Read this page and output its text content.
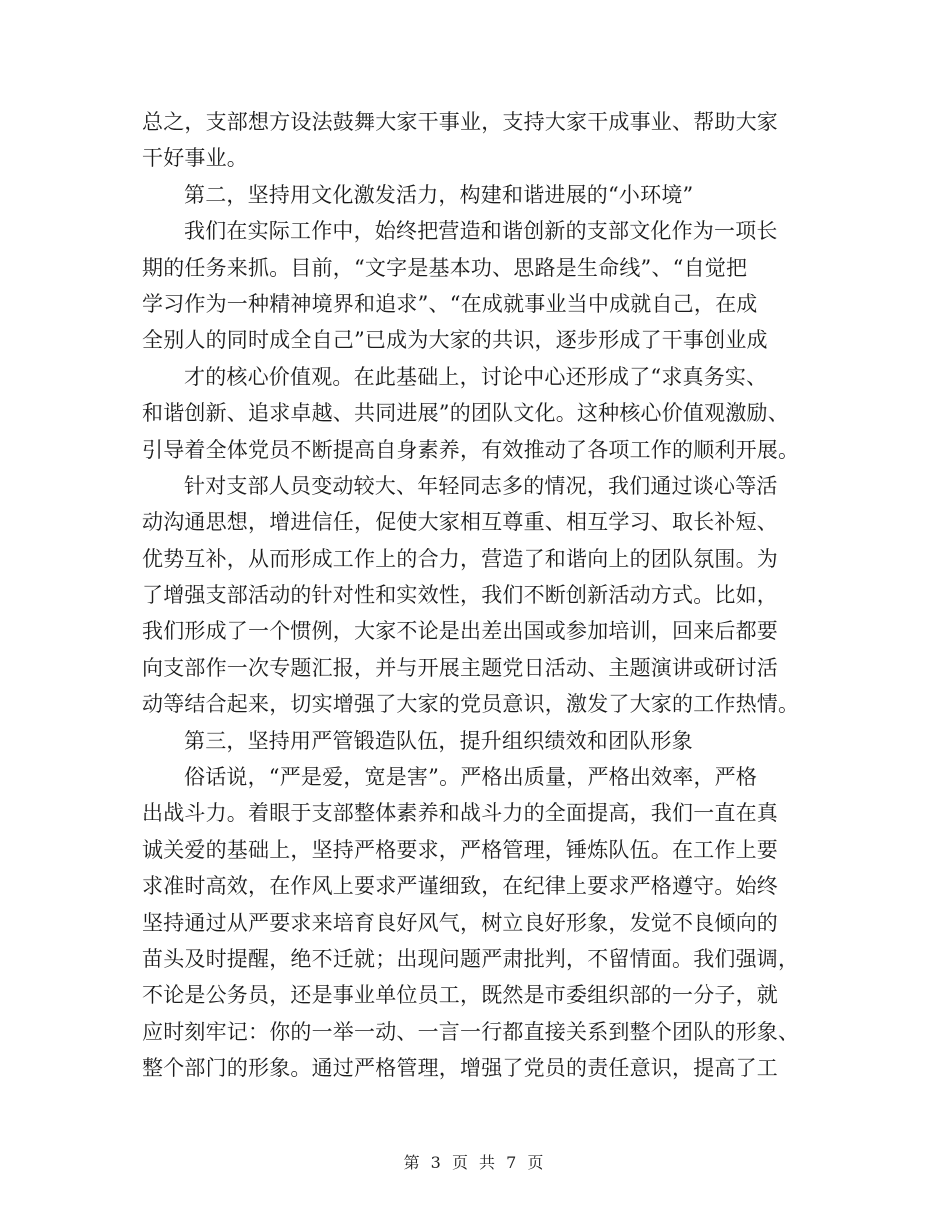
总之，支部想方设法鼓舞大家干事业，支持大家干成事业、帮助大家
干好事业。
第二，坚持用文化激发活力，构建和谐进展的“小环境”
我们在实际工作中，始终把营造和谐创新的支部文化作为一项长
期的任务来抓。目前，“文字是基本功、思路是生命线”、“自觉把
学习作为一种精神境界和追求”、“在成就事业当中成就自己，在成
全别人的同时成全自己”已成为大家的共识，逐步形成了干事创业成
才的核心价值观。在此基础上，讨论中心还形成了“求真务实、
和谐创新、追求卓越、共同进展”的团队文化。这种核心价值观激励、
引导着全体党员不断提高自身素养，有效推动了各项工作的顺利开展。
针对支部人员变动较大、年轻同志多的情况，我们通过谈心等活
动沟通思想，增进信任，促使大家相互尊重、相互学习、取长补短、
优势互补，从而形成工作上的合力，营造了和谐向上的团队氛围。为
了增强支部活动的针对性和实效性，我们不断创新活动方式。比如，
我们形成了一个惯例，大家不论是出差出国或参加培训，回来后都要
向支部作一次专题汇报，并与开展主题党日活动、主题演讲或研讨活
动等结合起来，切实增强了大家的党员意识，激发了大家的工作热情。
第三，坚持用严管锻造队伍，提升组织绩效和团队形象
俗话说，“严是爱，宽是害”。严格出质量，严格出效率，严格
出战斗力。着眼于支部整体素养和战斗力的全面提高，我们一直在真
诚关爱的基础上，坚持严格要求，严格管理，锤炼队伍。在工作上要
求准时高效，在作风上要求严谨细致，在纪律上要求严格遵守。始终
坚持通过从严要求来培育良好风气，树立良好形象，发觉不良倾向的
苗头及时提醒，绝不迁就；出现问题严肃批判，不留情面。我们强调，
不论是公务员，还是事业单位员工，既然是市委组织部的一分子，就
应时刻牢记：你的一举一动、一言一行都直接关系到整个团队的形象、
整个部门的形象。通过严格管理，增强了党员的责任意识，提高了工
第 3 页 共 7 页
